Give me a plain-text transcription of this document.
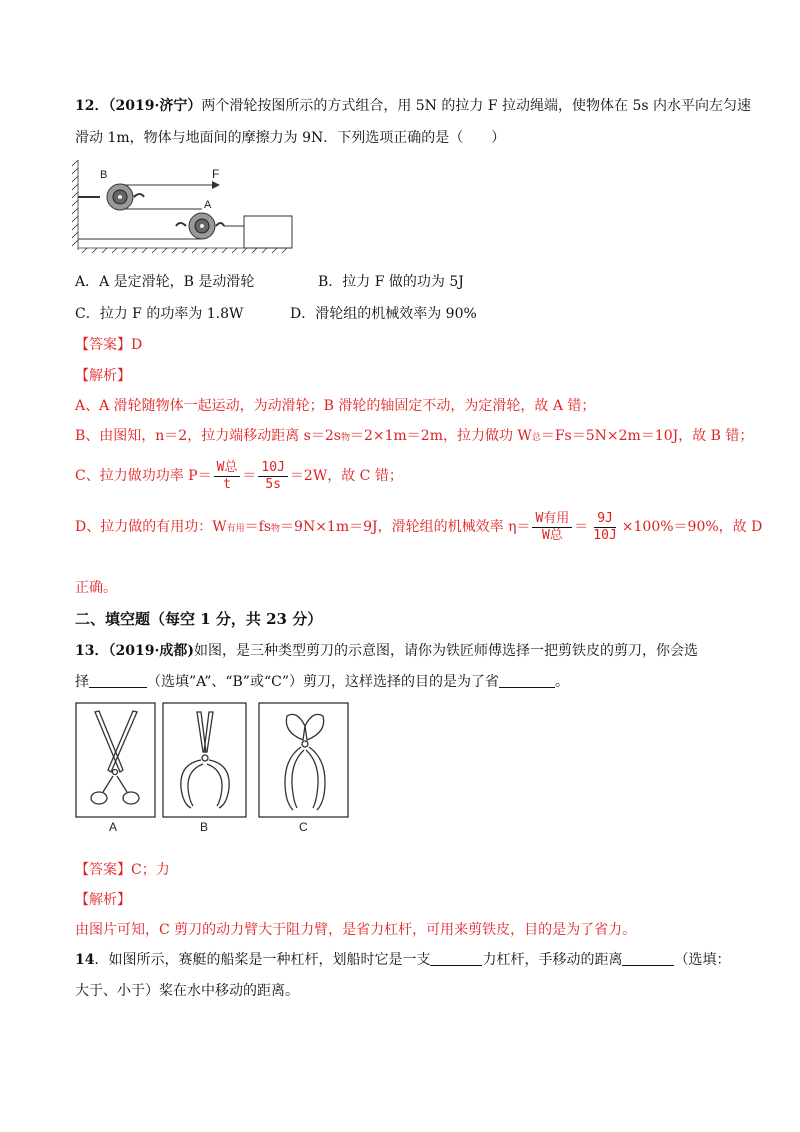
12．（2019·济宁）两个滑轮按图所示的方式组合，用 5N 的拉力 F 拉动绳端，使物体在 5s 内水平向左匀速
滑动 1m，物体与地面间的摩擦力为 9N．下列选项正确的是（　　）
F
B
A
A．A 是定滑轮，B 是动滑轮	B．拉力 F 做的功为 5J
C．拉力 F 的功率为 1.8W	D．滑轮组的机械效率为 90%
【答案】D
【解析】
A、A 滑轮随物体一起运动，为动滑轮；B 滑轮的轴固定不动，为定滑轮，故 A 错；
B、由图知，n＝2，拉力端移动距离 s＝2s物＝2×1m＝2m，拉力做功 W总＝Fs＝5N×2m＝10J，故 B 错；
C、拉力做功功率 $P= \frac{\text{W总}}{t} = \frac{10J}{5s} =2W$，故 C 错；
D、拉力做的有用功：W有用＝fs物＝9N×1m＝9J，滑轮组的机械效率 $\eta= \frac{\text{W有用}}{\text{W总}} = \frac{9J}{10J} \times 100\%=90\%$，故 D
正确。
二、填空题（每空 1 分，共 23 分）
13．（2019·成都)如图，是三种类型剪刀的示意图，请你为铁匠师傅选择一把剪铁皮的剪刀，你会选
择	（选填”A”、“B”或“C”）剪刀，这样选择的目的是为了省	。
A	B	C
【答案】C；力
【解析】
由图片可知，C 剪刀的动力臂大于阻力臂，是省力杠杆，可用来剪铁皮，目的是为了省力。
14．如图所示，赛艇的船桨是一种杠杆，划船时它是一支	力杠杆，手移动的距离	（选填：
大于、小于）桨在水中移动的距离。
